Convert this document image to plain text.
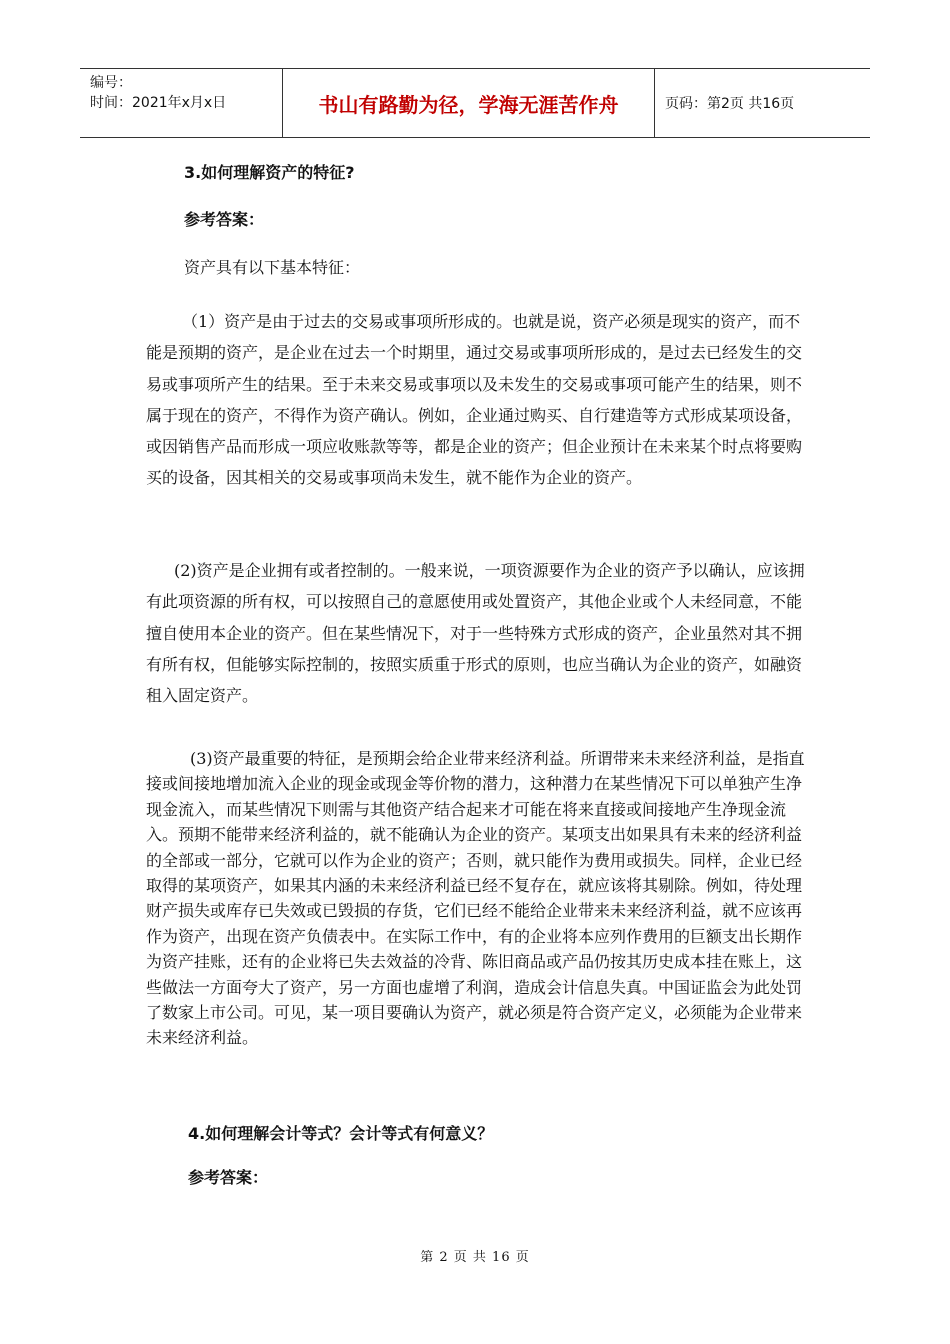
编号：
时间：2021年x月x日	书山有路勤为径，学海无涯苦作舟	页码：第2页 共16页
3.如何理解资产的特征?
参考答案：
资产具有以下基本特征：

（1）资产是由于过去的交易或事项所形成的。也就是说，资产必须是现实的资产，而不能是预期的资产，是企业在过去一个时期里，通过交易或事项所形成的，是过去已经发生的交易或事项所产生的结果。至于未来交易或事项以及未发生的交易或事项可能产生的结果，则不属于现在的资产，不得作为资产确认。例如，企业通过购买、自行建造等方式形成某项设备，或因销售产品而形成一项应收账款等等，都是企业的资产；但企业预计在未来某个时点将要购买的设备，因其相关的交易或事项尚未发生，就不能作为企业的资产。

(2)资产是企业拥有或者控制的。一般来说，一项资源要作为企业的资产予以确认，应该拥有此项资源的所有权，可以按照自己的意愿使用或处置资产，其他企业或个人未经同意，不能擅自使用本企业的资产。但在某些情况下，对于一些特殊方式形成的资产，企业虽然对其不拥有所有权，但能够实际控制的，按照实质重于形式的原则，也应当确认为企业的资产，如融资租入固定资产。

(3)资产最重要的特征，是预期会给企业带来经济利益。所谓带来未来经济利益，是指直接或间接地增加流入企业的现金或现金等价物的潜力，这种潜力在某些情况下可以单独产生净现金流入，而某些情况下则需与其他资产结合起来才可能在将来直接或间接地产生净现金流入。预期不能带来经济利益的，就不能确认为企业的资产。某项支出如果具有未来的经济利益的全部或一部分，它就可以作为企业的资产；否则，就只能作为费用或损失。同样，企业已经取得的某项资产，如果其内涵的未来经济利益已经不复存在，就应该将其剔除。例如，待处理财产损失或库存已失效或已毁损的存货，它们已经不能给企业带来未来经济利益，就不应该再作为资产，出现在资产负债表中。在实际工作中，有的企业将本应列作费用的巨额支出长期作为资产挂账，还有的企业将已失去效益的冷背、陈旧商品或产品仍按其历史成本挂在账上，这些做法一方面夸大了资产，另一方面也虚增了利润，造成会计信息失真。中国证监会为此处罚了数家上市公司。可见，某一项目要确认为资产，就必须是符合资产定义，必须能为企业带来未来经济利益。

4.如何理解会计等式？会计等式有何意义？
参考答案：
第 2 页 共 16 页
